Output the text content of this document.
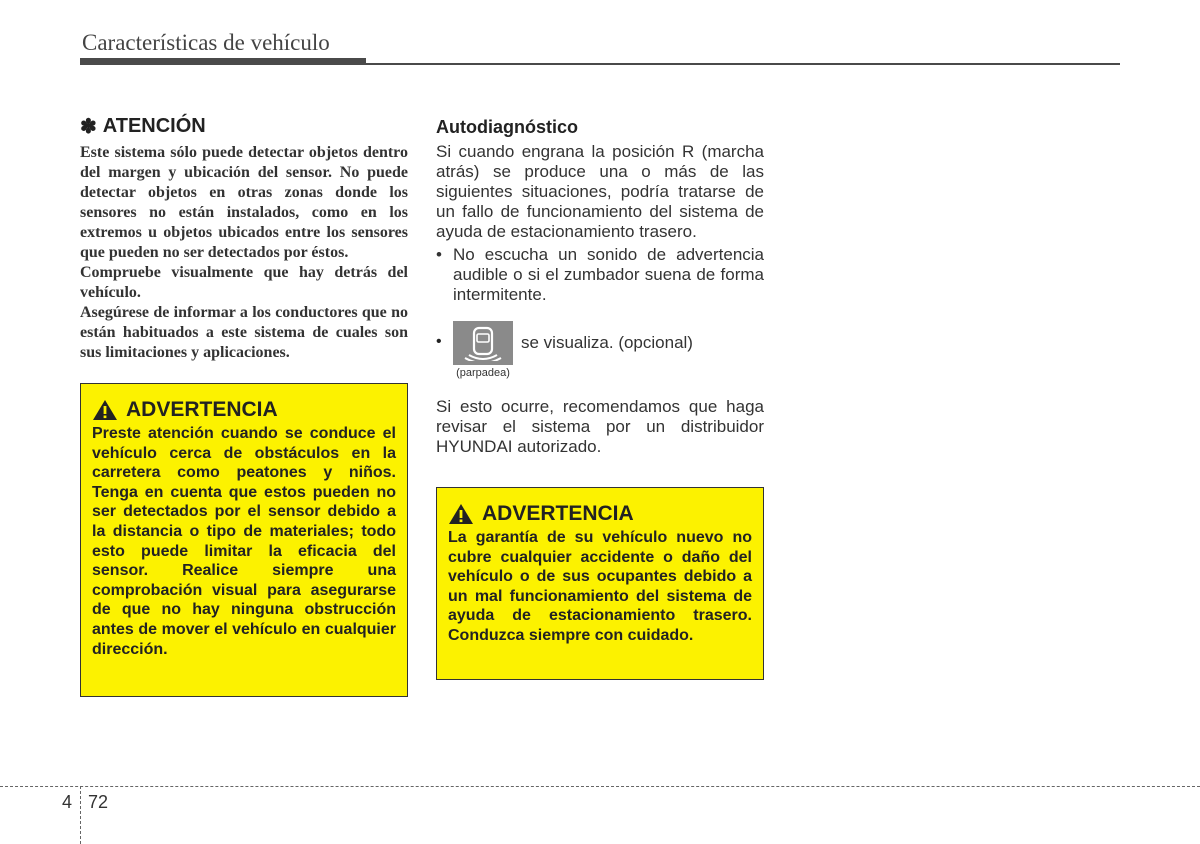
Características de vehículo
✽ ATENCIÓN

Este sistema sólo puede detectar objetos dentro del margen y ubicación del sensor. No puede detectar objetos en otras zonas donde los sensores no están instalados, como en los extremos u objetos ubicados entre los sensores que pueden no ser detectados por éstos.

Compruebe visualmente que hay detrás del vehículo.

Asegúrese de informar a los conductores que no están habituados a este sistema de cuales son sus limitaciones y aplicaciones.

ADVERTENCIA

Preste atención cuando se conduce el vehículo cerca de obstáculos en la carretera como peatones y niños. Tenga en cuenta que estos pueden no ser detectados por el sensor debido a la distancia o tipo de materiales; todo esto puede limitar la eficacia del sensor. Realice siempre una comprobación visual para asegurarse de que no hay ninguna obstrucción antes de mover el vehículo en cualquier dirección.

Autodiagnóstico

Si cuando engrana la posición R (marcha atrás) se produce una o más de las siguientes situaciones, podría tratarse de un fallo de funcionamiento del sistema de ayuda de estacionamiento trasero.

• No escucha un sonido de advertencia audible o si el zumbador suena de forma intermitente.
•
(parpadea)
se visualiza. (opcional)

Si esto ocurre, recomendamos que haga revisar el sistema por un distribuidor HYUNDAI autorizado.

ADVERTENCIA

La garantía de su vehículo nuevo no cubre cualquier accidente o daño del vehículo o de sus ocupantes debido a un mal funcionamiento del sistema de ayuda de estacionamiento trasero. Conduzca siempre con cuidado.

4 72
